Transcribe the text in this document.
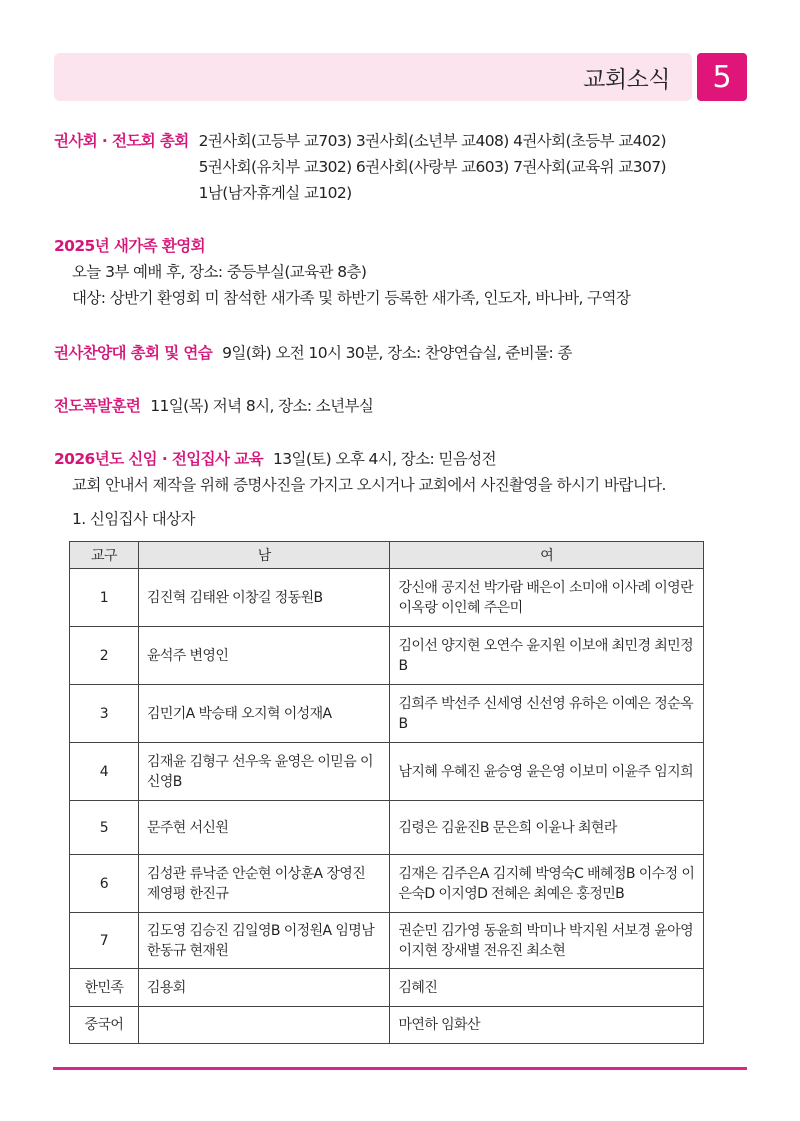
교회소식	5
권사회 · 전도회 총회 2권사회(고등부 교703) 3권사회(소년부 교408) 4권사회(초등부 교402)
5권사회(유치부 교302) 6권사회(사랑부 교603) 7권사회(교육위 교307)
1남(남자휴게실 교102)
2025년 새가족 환영회
오늘 3부 예배 후, 장소: 중등부실(교육관 8층)
대상: 상반기 환영회 미 참석한 새가족 및 하반기 등록한 새가족, 인도자, 바나바, 구역장
권사찬양대 총회 및 연습 9일(화) 오전 10시 30분, 장소: 찬양연습실, 준비물: 종
전도폭발훈련 11일(목) 저녁 8시, 장소: 소년부실
2026년도 신임 · 전입집사 교육 13일(토) 오후 4시, 장소: 믿음성전
교회 안내서 제작을 위해 증명사진을 가지고 오시거나 교회에서 사진촬영을 하시기 바랍니다.
1. 신임집사 대상자
교구	남	여
1	김진혁 김태완 이창길 정동원B	강신애 공지선 박가람 배은이 소미애 이사례 이영란 이옥랑 이인혜 주은미
2	윤석주 변영인	김이선 양지현 오연수 윤지원 이보애 최민경 최민정B
3	김민기A 박승태 오지혁 이성재A	김희주 박선주 신세영 신선영 유하은 이예은 정순옥B
4	김재윤 김형구 선우욱 윤영은 이믿음 이신영B	남지혜 우혜진 윤승영 윤은영 이보미 이윤주 임지희
5	문주현 서신원	김령은 김윤진B 문은희 이윤나 최현라
6	김성관 류낙준 안순현 이상훈A 장영진 제영평 한진규	김재은 김주은A 김지혜 박영숙C 배혜정B 이수정 이은숙D 이지영D 전혜은 최예은 홍정민B
7	김도영 김승진 김일영B 이정원A 임명남 한동규 현재원	권순민 김가영 동윤희 박미나 박지원 서보경 윤아영 이지현 장새별 전유진 최소현
한민족	김용회	김혜진
중국어		마연하 임화산
